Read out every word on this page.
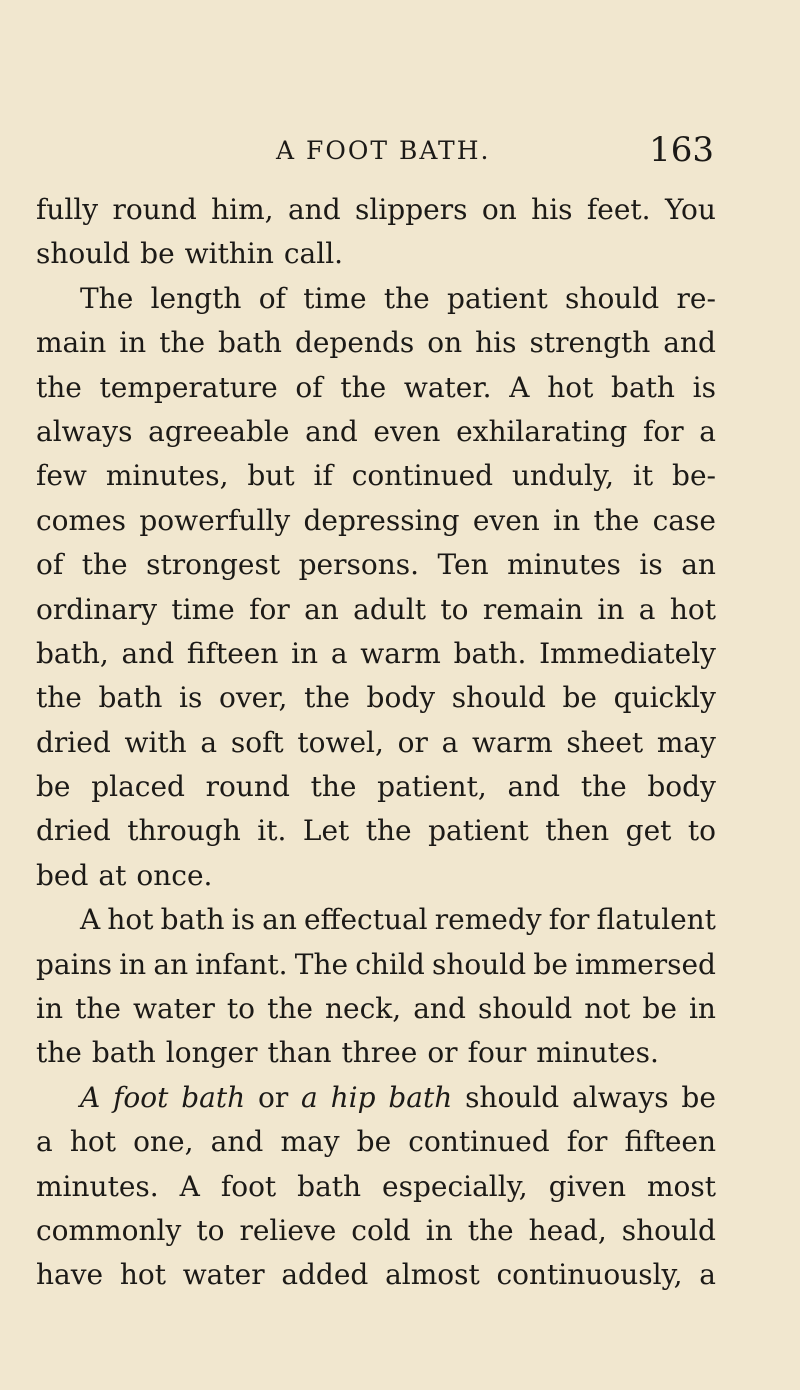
A FOOT BATH.	163
fully round him, and slippers on his feet. You
should be within call.
The length of time the patient should re-
main in the bath depends on his strength and
the temperature of the water. A hot bath is
always agreeable and even exhilarating for a
few minutes, but if continued unduly, it be-
comes powerfully depressing even in the case
of the strongest persons. Ten minutes is an
ordinary time for an adult to remain in a hot
bath, and fifteen in a warm bath. Immediately
the bath is over, the body should be quickly
dried with a soft towel, or a warm sheet may
be placed round the patient, and the body
dried through it. Let the patient then get to
bed at once.
A hot bath is an effectual remedy for flatulent
pains in an infant. The child should be immersed
in the water to the neck, and should not be in
the bath longer than three or four minutes.
A foot bath or a hip bath should always be
a hot one, and may be continued for fifteen
minutes. A foot bath especially, given most
commonly to relieve cold in the head, should
have hot water added almost continuously, a
